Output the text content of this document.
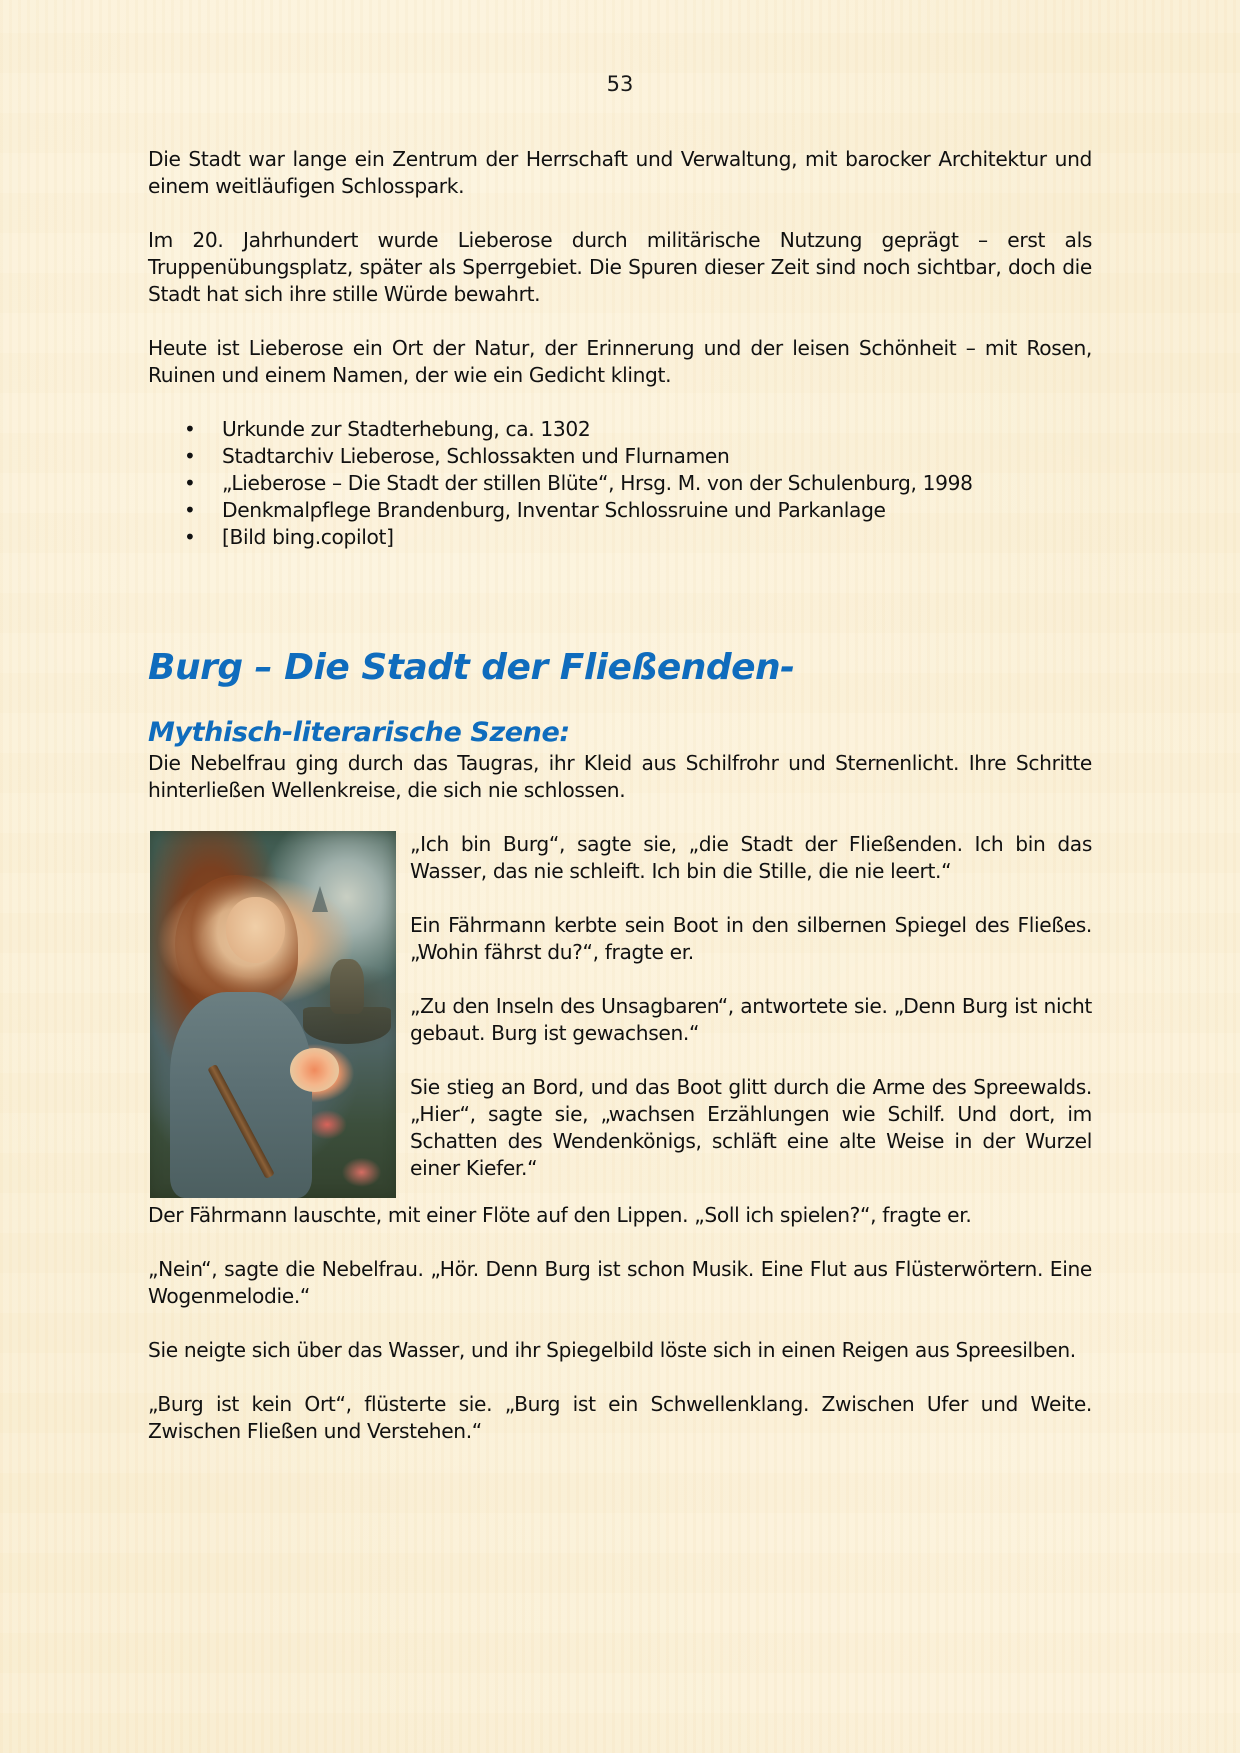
53

Die Stadt war lange ein Zentrum der Herrschaft und Verwaltung, mit barocker Architektur und einem weitläufigen Schlosspark.

Im 20. Jahrhundert wurde Lieberose durch militärische Nutzung geprägt – erst als Truppenübungsplatz, später als Sperrgebiet. Die Spuren dieser Zeit sind noch sichtbar, doch die Stadt hat sich ihre stille Würde bewahrt.

Heute ist Lieberose ein Ort der Natur, der Erinnerung und der leisen Schönheit – mit Rosen, Ruinen und einem Namen, der wie ein Gedicht klingt.

• Urkunde zur Stadterhebung, ca. 1302
• Stadtarchiv Lieberose, Schlossakten und Flurnamen
• „Lieberose – Die Stadt der stillen Blüte“, Hrsg. M. von der Schulenburg, 1998
• Denkmalpflege Brandenburg, Inventar Schlossruine und Parkanlage
• [Bild bing.copilot]
Burg – Die Stadt der Fließenden-
Mythisch-literarische Szene:

Die Nebelfrau ging durch das Taugras, ihr Kleid aus Schilfrohr und Sternenlicht. Ihre Schritte hinterließen Wellenkreise, die sich nie schlossen.

„Ich bin Burg“, sagte sie, „die Stadt der Fließenden. Ich bin das Wasser, das nie schleift. Ich bin die Stille, die nie leert.“

Ein Fährmann kerbte sein Boot in den silbernen Spiegel des Fließes. „Wohin fährst du?“, fragte er.

„Zu den Inseln des Unsagbaren“, antwortete sie. „Denn Burg ist nicht gebaut. Burg ist gewachsen.“

Sie stieg an Bord, und das Boot glitt durch die Arme des Spreewalds. „Hier“, sagte sie, „wachsen Erzählungen wie Schilf. Und dort, im Schatten des Wendenkönigs, schläft eine alte Weise in der Wurzel einer Kiefer.“

Der Fährmann lauschte, mit einer Flöte auf den Lippen. „Soll ich spielen?“, fragte er.

„Nein“, sagte die Nebelfrau. „Hör. Denn Burg ist schon Musik. Eine Flut aus Flüsterwörtern. Eine Wogenmelodie.“

Sie neigte sich über das Wasser, und ihr Spiegelbild löste sich in einen Reigen aus Spreesilben.

„Burg ist kein Ort“, flüsterte sie. „Burg ist ein Schwellenklang. Zwischen Ufer und Weite. Zwischen Fließen und Verstehen.“
